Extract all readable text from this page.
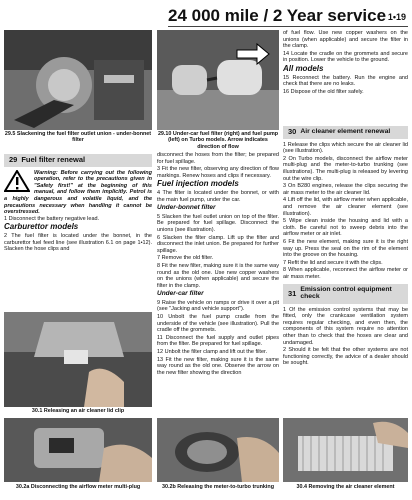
24 000 mile / 2 Year service 1•19
29.5 Slackening the fuel filter outlet union - under-bonnet filter
29.10 Under-car fuel filter (right) and fuel pump (left) on Turbo models. Arrow indicates direction of flow
29 Fuel filter renewal
Warning: Before carrying out the following operation, refer to the precautions given in "Safety first!" at the beginning of this manual, and follow them implicitly. Petrol is a highly dangerous and volatile liquid, and the precautions necessary when handling it cannot be overstressed.

1 Disconnect the battery negative lead.

Carburettor models

2 The fuel filter is located under the bonnet, in the carburettor fuel feed line (see illustration 6.1 on page 1•12). Slacken the hose clips and

disconnect the hoses from the filter; be prepared for fuel spillage.

3 Fit the new filter, observing any direction of flow markings. Renew hoses and clips if necessary.

Fuel injection models

4 The filter is located under the bonnet, or with the main fuel pump, under the car.

Under-bonnet filter

5 Slacken the fuel outlet union on top of the filter. Be prepared for fuel spillage. Disconnect the unions (see illustration).

6 Slacken the filter clamp. Lift up the filter and disconnect the inlet union. Be prepared for further spillage.

7 Remove the old filter.

8 Fit the new filter, making sure it is the same way round as the old one. Use new copper washers on the unions (when applicable) and secure the filter in the clamp.

Under-car filter

9 Raise the vehicle on ramps or drive it over a pit (see "Jacking and vehicle support").

10 Unbolt the fuel pump cradle from the underside of the vehicle (see illustration). Pull the cradle off the grommets.

11 Disconnect the fuel supply and outlet pipes from the filter. Be prepared for fuel spillage.

12 Unbolt the filter clamp and lift out the filter.

13 Fit the new filter, making sure it is the same way round as the old one. Observe the arrow on the new filter showing the direction

of fuel flow. Use new copper washers on the unions (when applicable) and secure the filter in the clamp.

14 Locate the cradle on the grommets and secure in position. Lower the vehicle to the ground.

All models

15 Reconnect the battery. Run the engine and check that there are no leaks.

16 Dispose of the old filter safely.

30 Air cleaner element renewal

1 Release the clips which secure the air cleaner lid (see illustration).

2 On Turbo models, disconnect the airflow meter multi-plug and the meter-to-turbo trunking (see illustrations). The multi-plug is released by levering out the wire clip.

3 On B280 engines, release the clips securing the air mass meter to the air cleaner lid.

4 Lift off the lid, with airflow meter when applicable, and remove the air cleaner element (see illustration).

5 Wipe clean inside the housing and lid with a cloth. Be careful not to sweep debris into the airflow meter or air inlet.

6 Fit the new element, making sure it is the right way up. Press the seal on the rim of the element into the groove on the housing.

7 Refit the lid and secure it with the clips.

8 When applicable, reconnect the airflow meter or air mass meter.

31 Emission control equipment check

1 Of the emission control systems that may be fitted, only the crankcase ventilation system requires regular checking, and even then, the components of this system require no attention other than to check that the hoses are clear and undamaged.

2 Should it be felt that the other systems are not functioning correctly, the advice of a dealer should be sought.

30.1 Releasing an air cleaner lid clip
30.2a Disconnecting the airflow meter multi-plug	30.2b Releasing the meter-to-turbo trunking	30.4 Removing the air cleaner element
